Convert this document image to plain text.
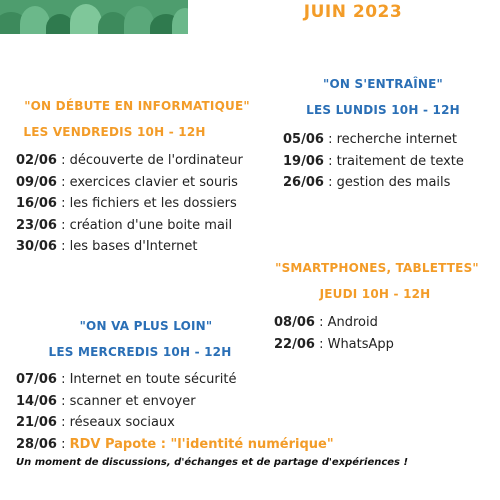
JUIN 2023
"ON DÉBUTE EN INFORMATIQUE"
LES VENDREDIS 10H - 12H
02/06 : découverte de l'ordinateur
09/06 : exercices clavier et souris
16/06 : les fichiers et les dossiers
23/06 : création d'une boite mail
30/06 : les bases d'Internet
"ON S'ENTRAÎNE"
LES LUNDIS 10H - 12H
05/06 : recherche internet
19/06 : traitement de texte
26/06 : gestion des mails
"SMARTPHONES, TABLETTES"
JEUDI 10H - 12H
08/06 : Android
22/06 : WhatsApp
"ON VA PLUS LOIN"
LES MERCREDIS 10H - 12H
07/06 : Internet en toute sécurité
14/06 : scanner et envoyer
21/06 : réseaux sociaux
28/06 : RDV Papote : "l'identité numérique"
Un moment de discussions, d'échanges et de partage d'expériences !
